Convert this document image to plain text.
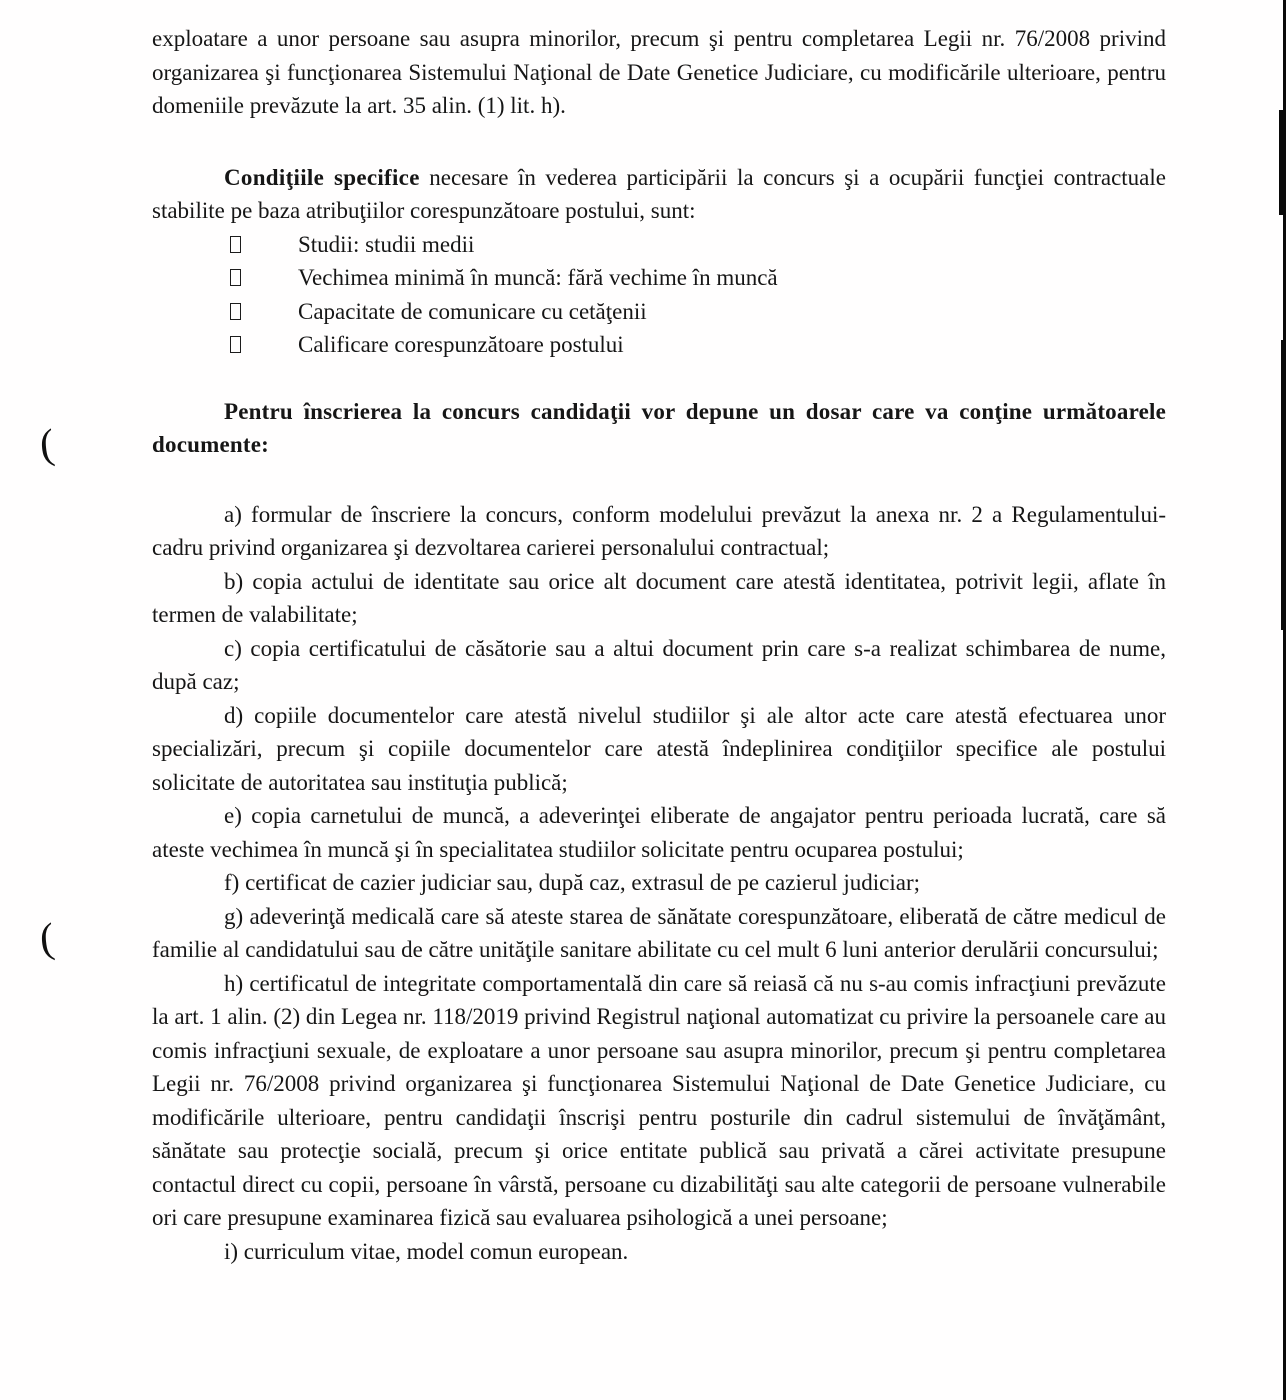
exploatare a unor persoane sau asupra minorilor, precum şi pentru completarea Legii nr. 76/2008 privind organizarea şi funcţionarea Sistemului Naţional de Date Genetice Judiciare, cu modificările ulterioare, pentru domeniile prevăzute la art. 35 alin. (1) lit. h).

Condiţiile specifice necesare în vederea participării la concurs şi a ocupării funcţiei contractuale stabilite pe baza atribuţiilor corespunzătoare postului, sunt:

Studii: studii medii
Vechimea minimă în muncă: fără vechime în muncă
Capacitate de comunicare cu cetăţenii
Calificare corespunzătoare postului

Pentru înscrierea la concurs candidaţii vor depune un dosar care va conţine următoarele documente:

a) formular de înscriere la concurs, conform modelului prevăzut la anexa nr. 2 a Regulamentului-cadru privind organizarea şi dezvoltarea carierei personalului contractual;

b) copia actului de identitate sau orice alt document care atestă identitatea, potrivit legii, aflate în termen de valabilitate;

c) copia certificatului de căsătorie sau a altui document prin care s-a realizat schimbarea de nume, după caz;

d) copiile documentelor care atestă nivelul studiilor şi ale altor acte care atestă efectuarea unor specializări, precum şi copiile documentelor care atestă îndeplinirea condiţiilor specifice ale postului solicitate de autoritatea sau instituţia publică;

e) copia carnetului de muncă, a adeverinţei eliberate de angajator pentru perioada lucrată, care să ateste vechimea în muncă şi în specialitatea studiilor solicitate pentru ocuparea postului;

f) certificat de cazier judiciar sau, după caz, extrasul de pe cazierul judiciar;

g) adeverinţă medicală care să ateste starea de sănătate corespunzătoare, eliberată de către medicul de familie al candidatului sau de către unităţile sanitare abilitate cu cel mult 6 luni anterior derulării concursului;

h) certificatul de integritate comportamentală din care să reiasă că nu s-au comis infracţiuni prevăzute la art. 1 alin. (2) din Legea nr. 118/2019 privind Registrul naţional automatizat cu privire la persoanele care au comis infracţiuni sexuale, de exploatare a unor persoane sau asupra minorilor, precum şi pentru completarea Legii nr. 76/2008 privind organizarea şi funcţionarea Sistemului Naţional de Date Genetice Judiciare, cu modificările ulterioare, pentru candidaţii înscrişi pentru posturile din cadrul sistemului de învăţământ, sănătate sau protecţie socială, precum şi orice entitate publică sau privată a cărei activitate presupune contactul direct cu copii, persoane în vârstă, persoane cu dizabilităţi sau alte categorii de persoane vulnerabile ori care presupune examinarea fizică sau evaluarea psihologică a unei persoane;

i) curriculum vitae, model comun european.

(
(
